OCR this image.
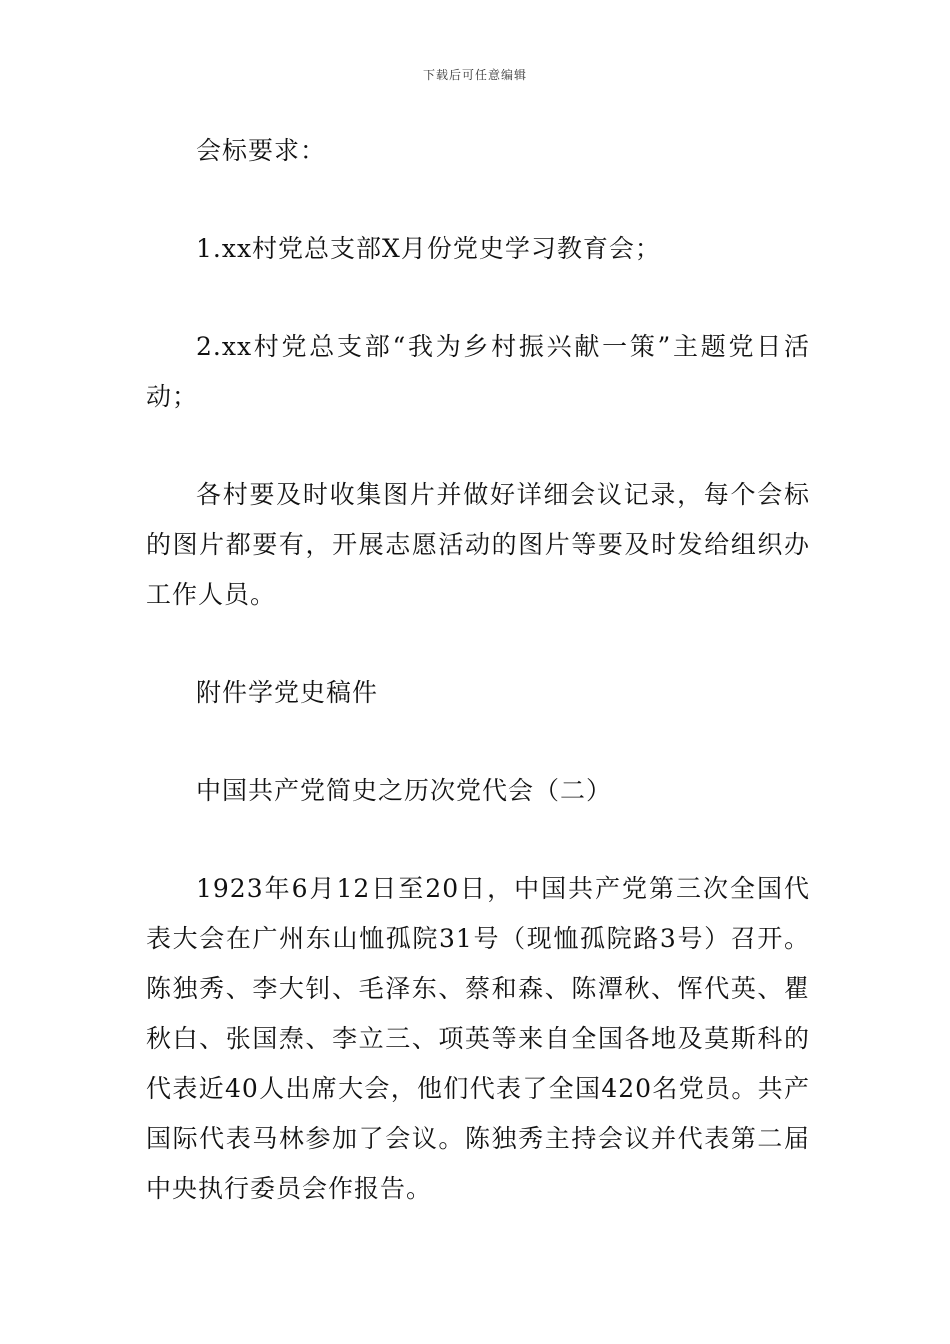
下载后可任意编辑

会标要求：

1.xx村党总支部X月份党史学习教育会；

2.xx村党总支部“我为乡村振兴献一策”主题党日活动；

各村要及时收集图片并做好详细会议记录，每个会标的图片都要有，开展志愿活动的图片等要及时发给组织办工作人员。

附件学党史稿件

中国共产党简史之历次党代会（二）

1923年6月12日至20日，中国共产党第三次全国代表大会在广州东山恤孤院31号（现恤孤院路3号）召开。陈独秀、李大钊、毛泽东、蔡和森、陈潭秋、恽代英、瞿秋白、张国焘、李立三、项英等来自全国各地及莫斯科的代表近40人出席大会，他们代表了全国420名党员。共产国际代表马林参加了会议。陈独秀主持会议并代表第二届中央执行委员会作报告。
